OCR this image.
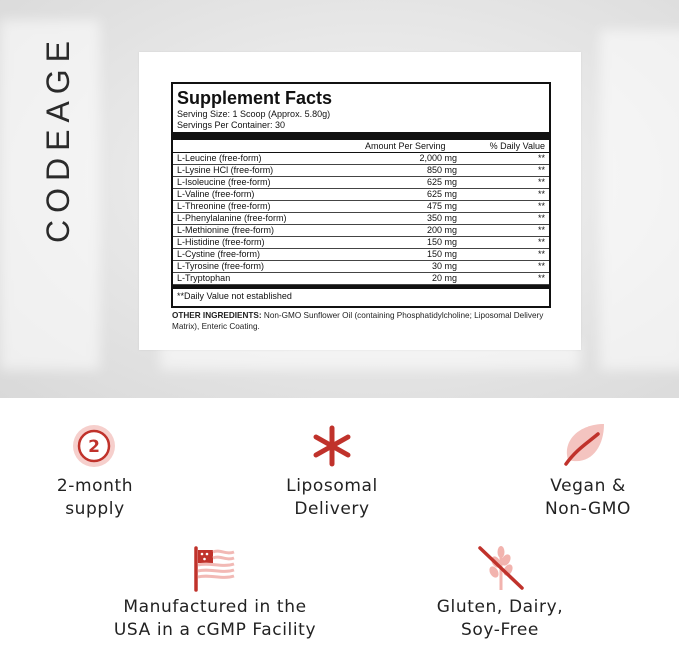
CODEAGE	Supplement Facts
Serving Size: 1 Scoop (Approx. 5.80g)
Servings Per Container: 30
Amount Per Serving	% Daily Value
L-Leucine (free-form)	2,000 mg	**
L-Lysine HCl (free-form)	850 mg	**
L-Isoleucine (free-form)	625 mg	**
L-Valine (free-form)	625 mg	**
L-Threonine (free-form)	475 mg	**
L-Phenylalanine (free-form)	350 mg	**
L-Methionine (free-form)	200 mg	**
L-Histidine (free-form)	150 mg	**
L-Cystine (free-form)	150 mg	**
L-Tyrosine (free-form)	30 mg	**
L-Tryptophan	20 mg	**
**Daily Value not established
OTHER INGREDIENTS: Non-GMO Sunflower Oil (containing Phosphatidylcholine; Liposomal Delivery Matrix), Enteric Coating.
2
2-month
supply
Liposomal
Delivery
Vegan &
Non-GMO
Manufactured in the
USA in a cGMP Facility
Gluten, Dairy,
Soy-Free
